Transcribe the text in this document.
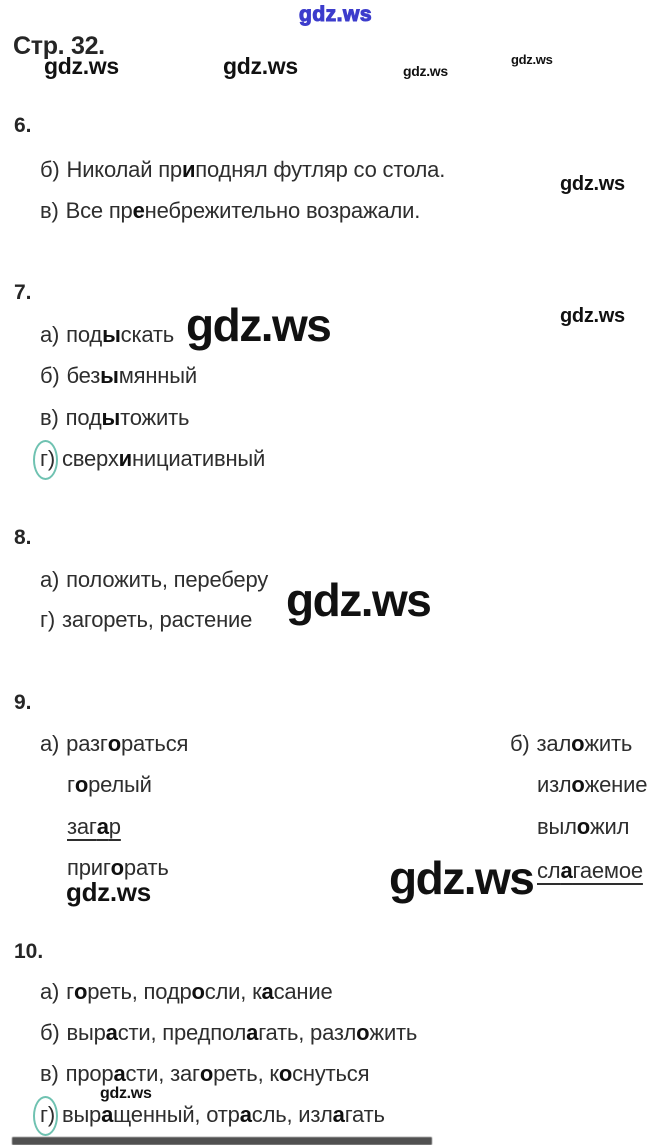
gdz.ws
gdz.ws	gdz.ws	gdz.ws
gdz.ws
gdz.ws
gdz.ws	gdz.ws
gdz.ws
gdz.ws	gdz.ws
gdz.ws
Стр. 32.
6.
б) Николай приподнял футляр со стола.
в) Все пренебрежительно возражали.
7.
а) подыскать
б) безымянный
в) подытожить
г) сверхинициативный
8.
а) положить, переберу
г) загореть, растение
9.
а) разгораться
горелый
загар
пригорать
б) заложить
изложение
выложил
слагаемое
10.
а) гореть, подросли, касание
б) вырасти, предполагать, разложить
в) прорасти, загореть, коснуться
г) выращенный, отрасль, излагать
